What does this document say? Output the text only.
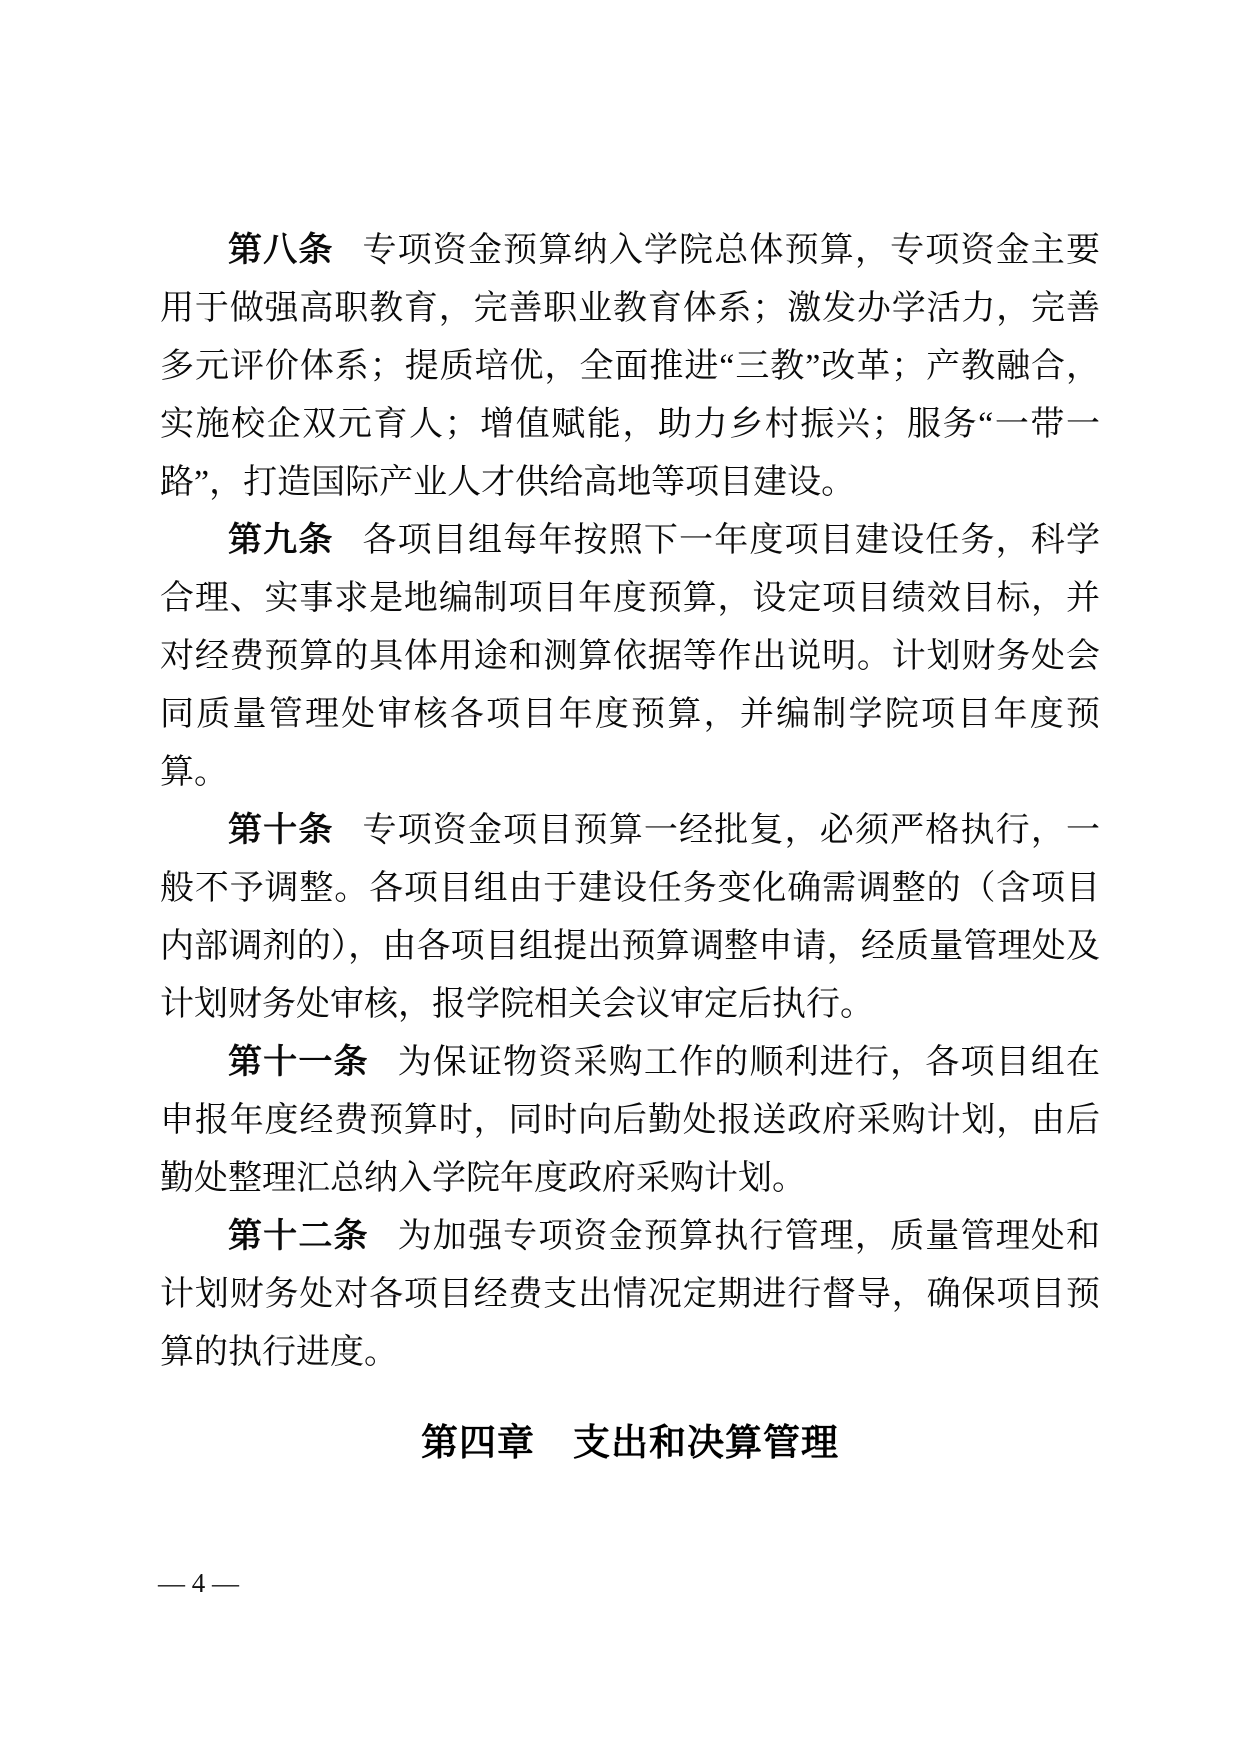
第八条 专项资金预算纳入学院总体预算，专项资金主要用于做强高职教育，完善职业教育体系；激发办学活力，完善多元评价体系；提质培优，全面推进“三教”改革；产教融合，实施校企双元育人；增值赋能，助力乡村振兴；服务“一带一路”，打造国际产业人才供给高地等项目建设。

第九条 各项目组每年按照下一年度项目建设任务，科学合理、实事求是地编制项目年度预算，设定项目绩效目标，并对经费预算的具体用途和测算依据等作出说明。计划财务处会同质量管理处审核各项目年度预算，并编制学院项目年度预算。

第十条 专项资金项目预算一经批复，必须严格执行，一般不予调整。各项目组由于建设任务变化确需调整的（含项目内部调剂的），由各项目组提出预算调整申请，经质量管理处及计划财务处审核，报学院相关会议审定后执行。

第十一条 为保证物资采购工作的顺利进行，各项目组在申报年度经费预算时，同时向后勤处报送政府采购计划，由后勤处整理汇总纳入学院年度政府采购计划。

第十二条 为加强专项资金预算执行管理，质量管理处和计划财务处对各项目经费支出情况定期进行督导，确保项目预算的执行进度。

第四章　支出和决算管理
— 4 —
